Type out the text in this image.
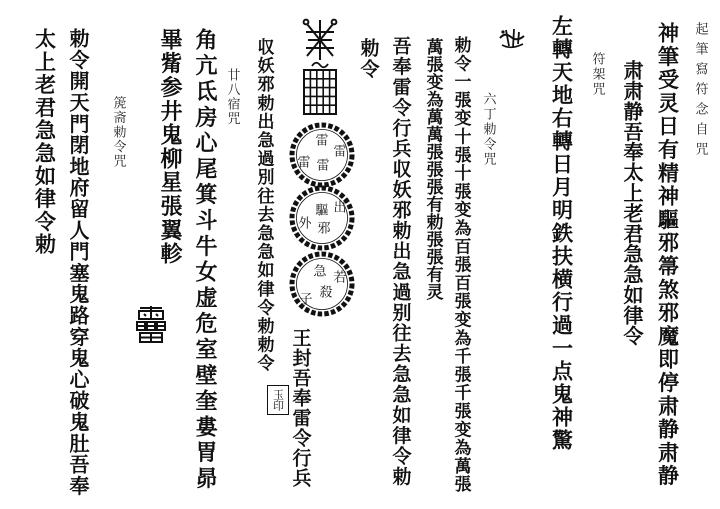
起筆寫符念自咒
符架咒
六丁勅令咒
廿八宿咒
箎斋勅令咒	神筆受灵日有精神驅邪箒煞邪魔即停肃静肃静
肃肃静吾奉太上老君急急如律令
左轉天地右轉日月明鉄扶横行過一点鬼神驚
勅令一張变十張十張变為百張百張变為千張千張变為萬張
萬張变為萬萬張張張有勅張張有灵
吾奉雷令行兵収妖邪勅出急過别往去急急如律令勅
勅令
王封吾奉雷令行兵
収妖邪勅出急過別往去急急如律令勅勅令
角亢氐房心尾箕斗牛女虚危室壁奎婁胃昴
畢觜参井鬼柳星張翼軫
勅令開天門閉地府留人門塞鬼路穿鬼心破鬼肚吾奉
太上老君急急如律令勅	雷
雷 雷
雷
驅
邪
出
外
急 若
殺
子
玉印
